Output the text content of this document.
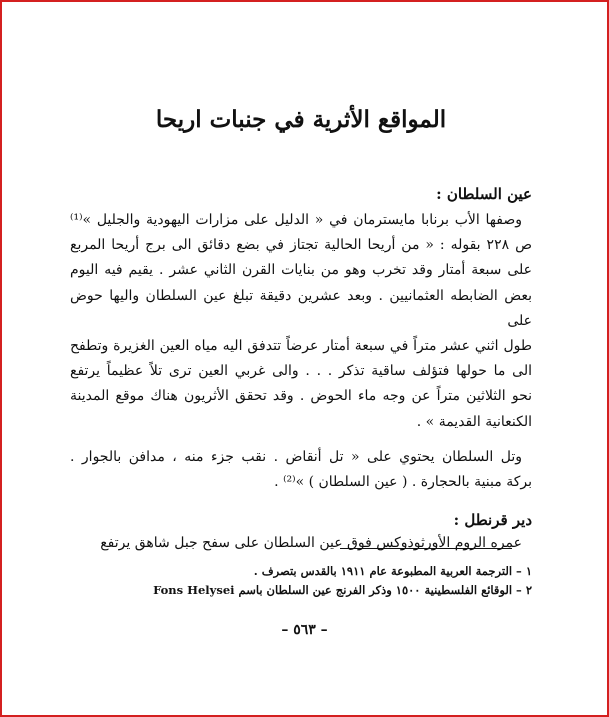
المواقع الأثرية في جنبات اريحا
عين السلطان :

وصفها الأب برنابا مايسترمان في « الدليل على مزارات اليهودية والجليل »⁽¹⁾

ص ٢٢٨ بقوله : « من أريحا الحالية تجتاز في بضع دقائق الى برج أريحا المربع

على سبعة أمتار وقد تخرب وهو من بنايات القرن الثاني عشر . يقيم فيه اليوم

بعض الضابطه العثمانيين . وبعد عشرين دقيقة تبلغ عين السلطان واليها حوض على

طول اثني عشر متراً في سبعة أمتار عرضاً تتدفق اليه مياه العين الغزيرة وتطفح

الى ما حولها فتؤلف ساقية تذكر . . . والى غربي العين ترى تلاً عظيماً يرتفع

نحو الثلاثين متراً عن وجه ماء الحوض . وقد تحقق الأثريون هناك موقع المدينة

الكنعانية القديمة » .

وتل السلطان يحتوي على « تل أنقاض . نقب جزء منه ، مدافن بالجوار .

بركة مبنية بالحجارة . ( عين السلطان ) »⁽²⁾ .

دير قرنطل :

عمره الروم الأورثوذوكس فوق عين السلطان على سفح جبل شاهق يرتفع

١ – الترجمة العربية المطبوعة عام ١٩١١ بالقدس بتصرف .

٢ – الوقائع الفلسطينية ١٥٠٠ وذكر الفرنج عين السلطان باسم Fons Helysei

– ٥٦٣ –
